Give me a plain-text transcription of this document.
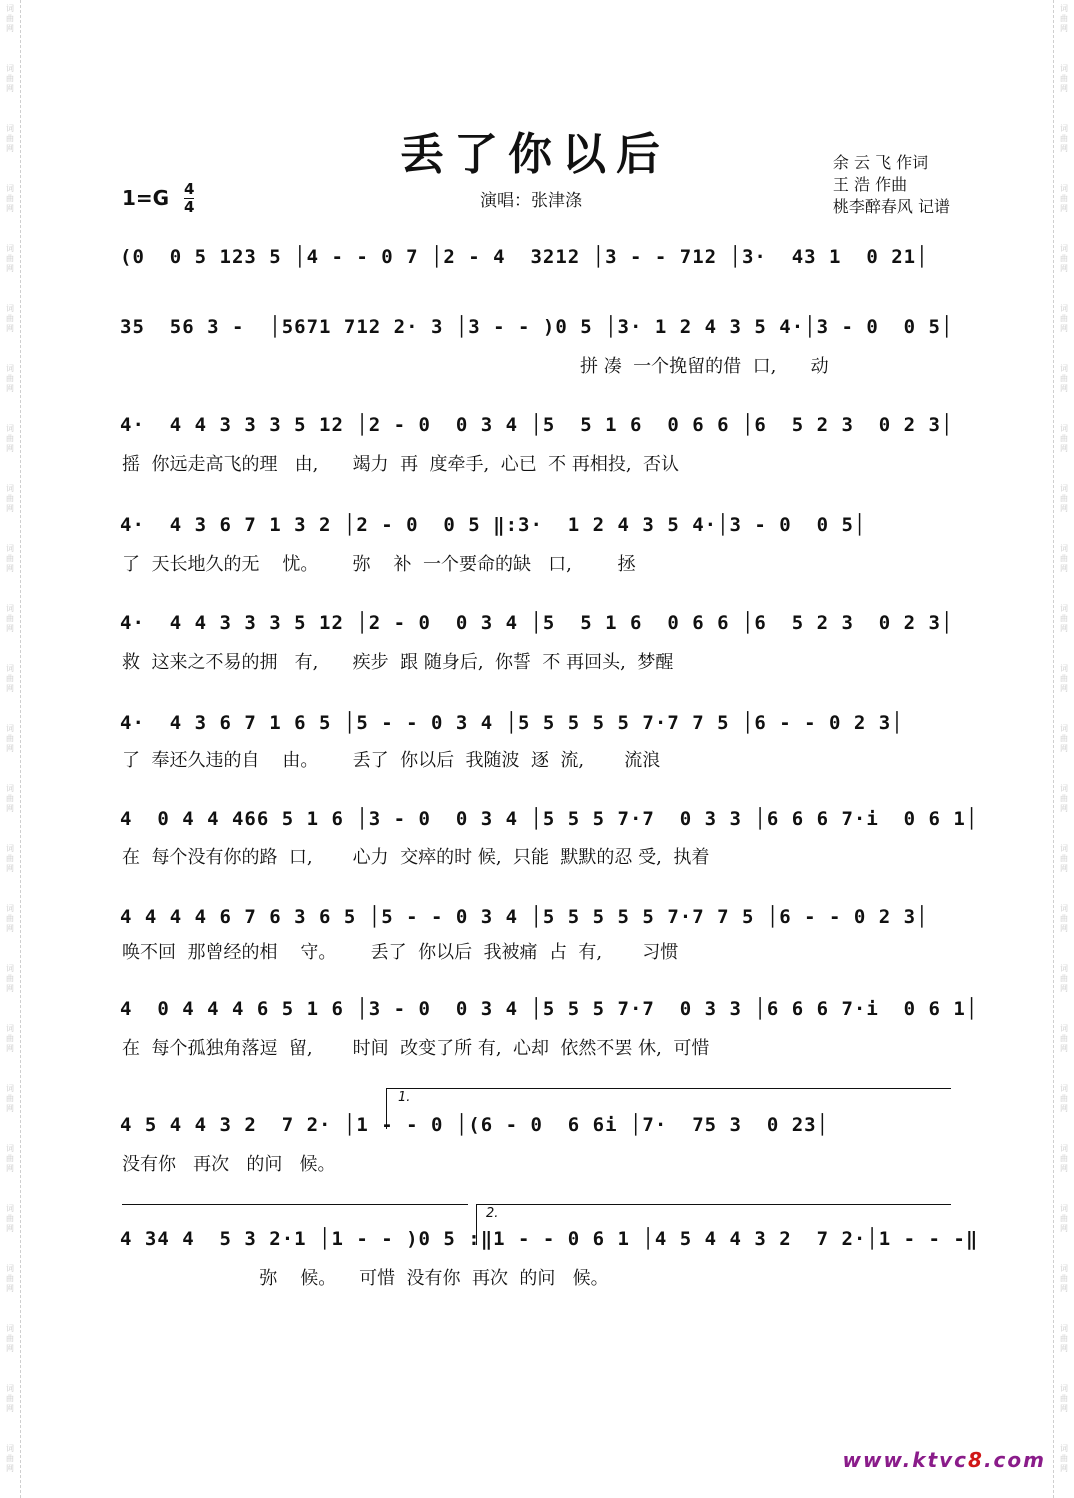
词曲网
词曲网
词曲网
词曲网
词曲网
词曲网
词曲网
词曲网
词曲网
词曲网
词曲网
词曲网
词曲网
词曲网
词曲网
词曲网
词曲网
词曲网
词曲网
词曲网
词曲网
词曲网
词曲网
词曲网
词曲网
词曲网
词曲网
词曲网
词曲网
词曲网
词曲网
词曲网
词曲网
词曲网
词曲网
词曲网
词曲网
词曲网
词曲网
词曲网
词曲网
词曲网
词曲网
词曲网
词曲网
词曲网
词曲网
词曲网
词曲网
词曲网
丢了你以后
1=G 4
4	演唱：张津涤
余 云 飞 作词
王 浩 作曲
桃李醉春风 记谱
(0  0 5 123 5 │4 - - 0 7 │2 - 4  3212 │3 - - 712 │3·  43 1  0 21│
35  56 3 -  │5671 712 2· 3 │3 - - )0 5 │3· 1 2 4 3 5 4·│3 - 0  0 5│
拼 凑  一个挽留的借  口,      动
4·  4 4 3 3 3 5 12 │2 - 0  0 3 4 │5  5 1 6  0 6 6 │6  5 2 3  0 2 3│
摇  你远走高飞的理   由,      竭力  再  度牵手,  心已  不 再相投,  否认
4·  4 3 6 7 1 3 2 │2 - 0  0 5 ‖:3·  1 2 4 3 5 4·│3 - 0  0 5│
了  天长地久的无    忧。      弥    补  一个要命的缺   口,        拯
4·  4 4 3 3 3 5 12 │2 - 0  0 3 4 │5  5 1 6  0 6 6 │6  5 2 3  0 2 3│
救  这来之不易的拥   有,      疾步  跟 随身后,  你誓  不 再回头,  梦醒
4·  4 3 6 7 1 6 5 │5 - - 0 3 4 │5 5 5 5 5 7·7 7 5 │6 - - 0 2 3│
了  奉还久违的自    由。      丢了  你以后  我随波  逐  流,       流浪
4  0 4 4 466 5 1 6 │3 - 0  0 3 4 │5 5 5 7·7  0 3 3 │6 6 6 7·i  0 6 1│
在  每个没有你的路  口,       心力  交瘁的时 候,  只能  默默的忍 受,  执着
4 4 4 4 6 7 6 3 6 5 │5 - - 0 3 4 │5 5 5 5 5 7·7 7 5 │6 - - 0 2 3│
唤不回  那曾经的相    守。      丢了  你以后  我被痛  占  有,       习惯
4  0 4 4 4 6 5 1 6 │3 - 0  0 3 4 │5 5 5 7·7  0 3 3 │6 6 6 7·i  0 6 1│
在  每个孤独角落逗  留,       时间  改变了所 有,  心却  依然不罢 休,  可惜
1.
4 5 4 4 3 2  7 2· │1 - - 0 │(6 - 0  6 6i │7·  75 3  0 23│
没有你   再次   的问   候。
2.
4 34 4  5 3 2·1 │1 - - )0 5 :‖1 - - 0 6 1 │4 5 4 4 3 2  7 2·│1 - - -‖
弥    候。    可惜  没有你  再次  的问   候。
www.ktvc8.com
